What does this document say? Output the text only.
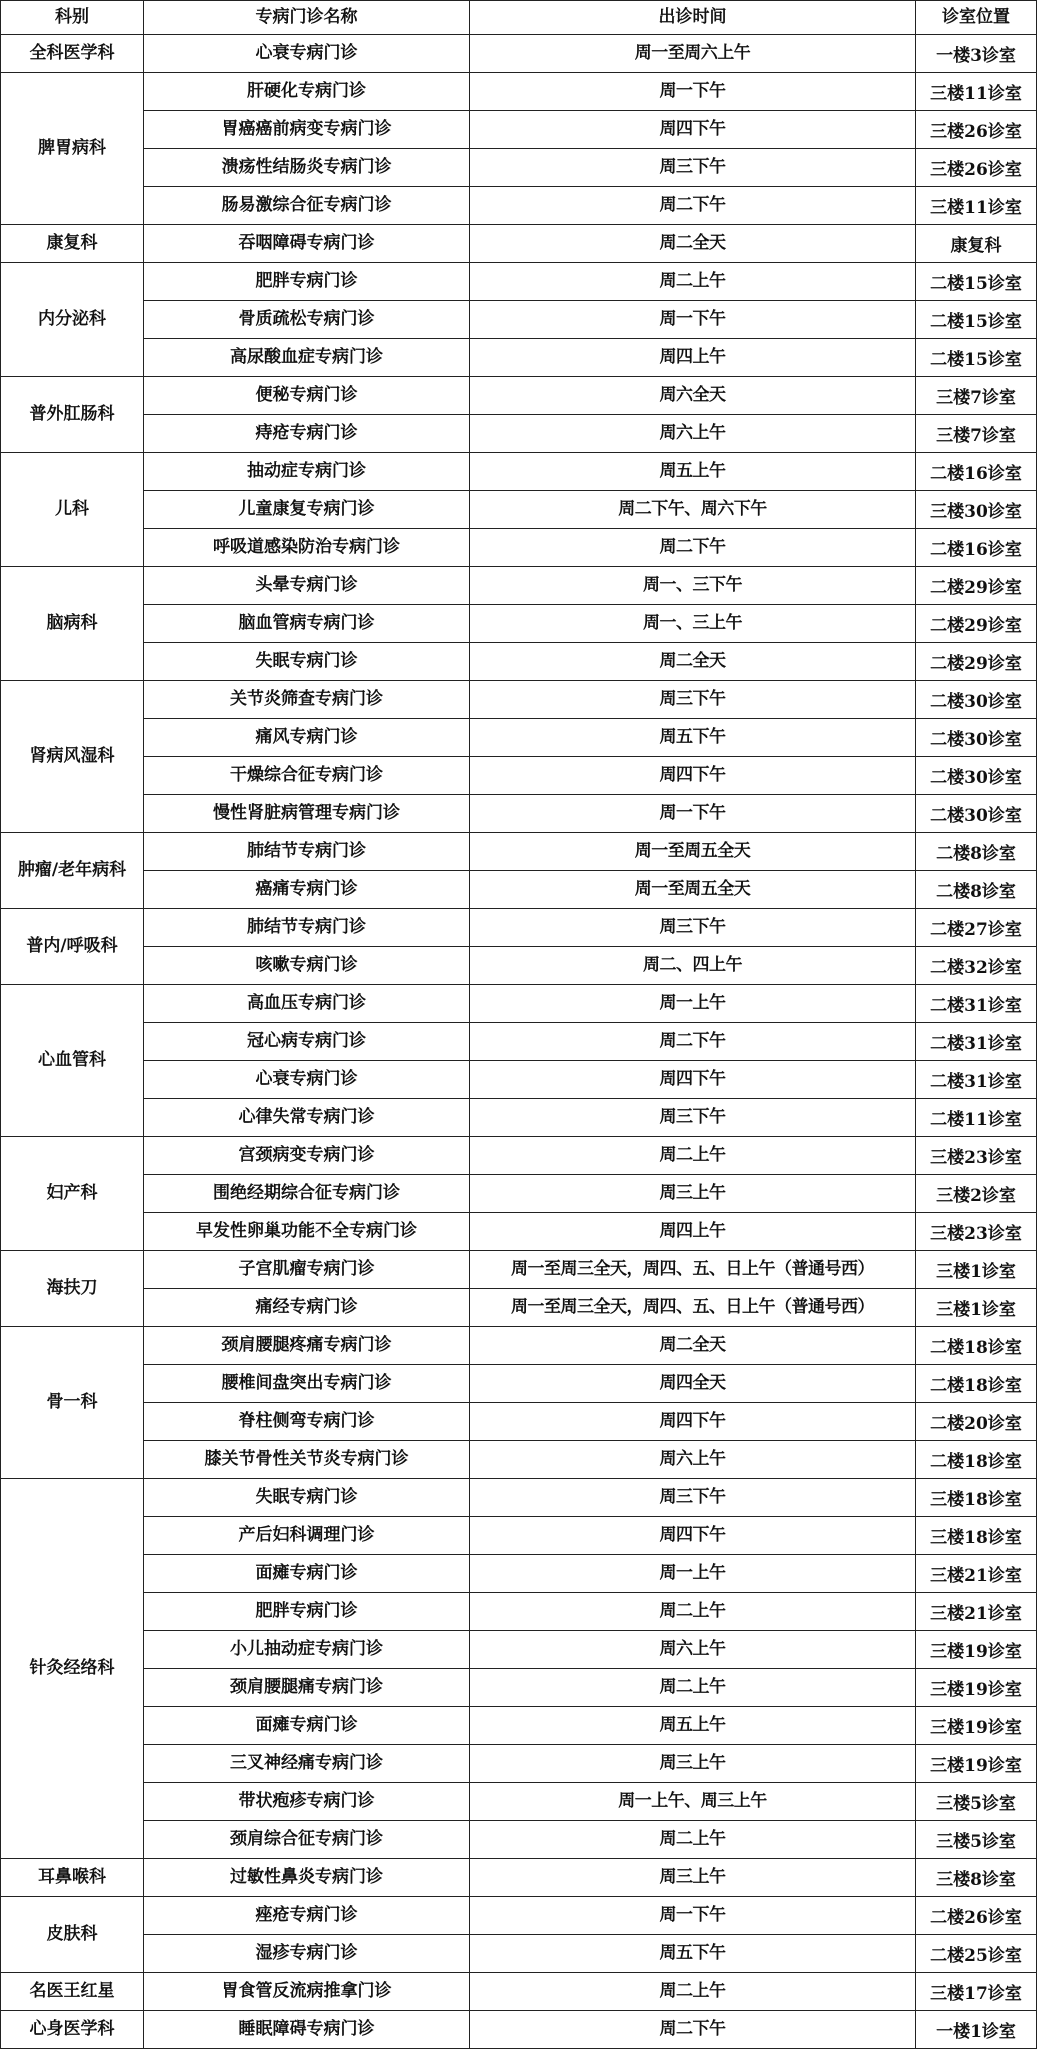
科别	专病门诊名称	出诊时间	诊室位置
全科医学科	心衰专病门诊	周一至周六上午	一楼3诊室
脾胃病科	肝硬化专病门诊	周一下午	三楼11诊室
	胃癌癌前病变专病门诊	周四下午	三楼26诊室
	溃疡性结肠炎专病门诊	周三下午	三楼26诊室
	肠易激综合征专病门诊	周二下午	三楼11诊室
康复科	吞咽障碍专病门诊	周二全天	康复科
内分泌科	肥胖专病门诊	周二上午	二楼15诊室
	骨质疏松专病门诊	周一下午	二楼15诊室
	高尿酸血症专病门诊	周四上午	二楼15诊室
普外肛肠科	便秘专病门诊	周六全天	三楼7诊室
	痔疮专病门诊	周六上午	三楼7诊室
儿科	抽动症专病门诊	周五上午	二楼16诊室
	儿童康复专病门诊	周二下午、周六下午	三楼30诊室
	呼吸道感染防治专病门诊	周二下午	二楼16诊室
脑病科	头晕专病门诊	周一、三下午	二楼29诊室
	脑血管病专病门诊	周一、三上午	二楼29诊室
	失眠专病门诊	周二全天	二楼29诊室
肾病风湿科	关节炎筛查专病门诊	周三下午	二楼30诊室
	痛风专病门诊	周五下午	二楼30诊室
	干燥综合征专病门诊	周四下午	二楼30诊室
	慢性肾脏病管理专病门诊	周一下午	二楼30诊室
肿瘤/老年病科	肺结节专病门诊	周一至周五全天	二楼8诊室
	癌痛专病门诊	周一至周五全天	二楼8诊室
普内/呼吸科	肺结节专病门诊	周三下午	二楼27诊室
	咳嗽专病门诊	周二、四上午	二楼32诊室
心血管科	高血压专病门诊	周一上午	二楼31诊室
	冠心病专病门诊	周二下午	二楼31诊室
	心衰专病门诊	周四下午	二楼31诊室
	心律失常专病门诊	周三下午	二楼11诊室
妇产科	宫颈病变专病门诊	周二上午	三楼23诊室
	围绝经期综合征专病门诊	周三上午	三楼2诊室
	早发性卵巢功能不全专病门诊	周四上午	三楼23诊室
海扶刀	子宫肌瘤专病门诊	周一至周三全天，周四、五、日上午（普通号西）	三楼1诊室
	痛经专病门诊	周一至周三全天，周四、五、日上午（普通号西）	三楼1诊室
骨一科	颈肩腰腿疼痛专病门诊	周二全天	二楼18诊室
	腰椎间盘突出专病门诊	周四全天	二楼18诊室
	脊柱侧弯专病门诊	周四下午	二楼20诊室
	膝关节骨性关节炎专病门诊	周六上午	二楼18诊室
针灸经络科	失眠专病门诊	周三下午	三楼18诊室
	产后妇科调理门诊	周四下午	三楼18诊室
	面瘫专病门诊	周一上午	三楼21诊室
	肥胖专病门诊	周二上午	三楼21诊室
	小儿抽动症专病门诊	周六上午	三楼19诊室
	颈肩腰腿痛专病门诊	周二上午	三楼19诊室
	面瘫专病门诊	周五上午	三楼19诊室
	三叉神经痛专病门诊	周三上午	三楼19诊室
	带状疱疹专病门诊	周一上午、周三上午	三楼5诊室
	颈肩综合征专病门诊	周二上午	三楼5诊室
耳鼻喉科	过敏性鼻炎专病门诊	周三上午	三楼8诊室
皮肤科	痤疮专病门诊	周一下午	二楼26诊室
	湿疹专病门诊	周五下午	二楼25诊室
名医王红星	胃食管反流病推拿门诊	周二上午	三楼17诊室
心身医学科	睡眠障碍专病门诊	周二下午	一楼1诊室
